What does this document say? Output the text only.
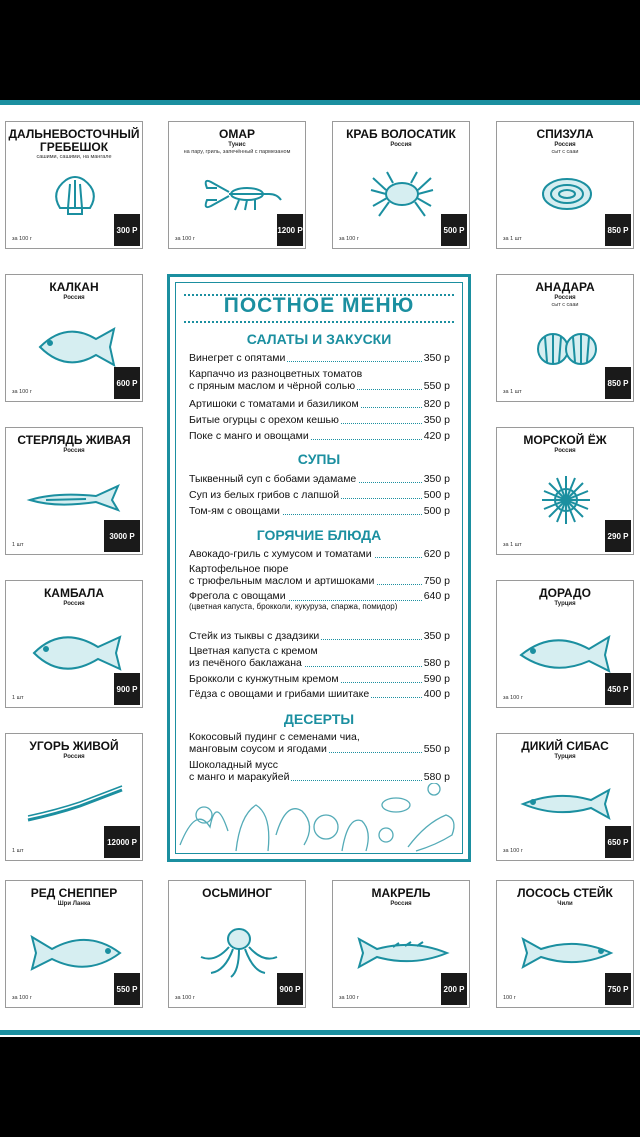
ДАЛЬНЕВОСТОЧНЫЙ ГРЕБЕШОК
сашими, сашими, на мангале
за 100 г
300 Р
ОМАР
Тунис
на пару, гриль, запечённый с пармезаном
за 100 г
1200 Р
КРАБ ВОЛОСАТИК
Россия
за 100 г
500 Р
СПИЗУЛА
Россия
сыт с сааи
за 1 шт
850 Р
КАЛКАН
Россия
за 100 г
600 Р
АНАДАРА
Россия
сыт с сааи
за 1 шт
850 Р
СТЕРЛЯДЬ ЖИВАЯ
Россия
1 шт
3000 Р
МОРСКОЙ ЁЖ
Россия
за 1 шт
290 Р
КАМБАЛА
Россия
1 шт
900 Р
ДОРАДО
Турция
за 100 г
450 Р
УГОРЬ ЖИВОЙ
Россия
1 шт
12000 Р
ДИКИЙ СИБАС
Турция
за 100 г
650 Р
РЕД СНЕППЕР
Шри Ланка
за 100 г
550 Р
ОСЬМИНОГ
за 100 г
900 Р
МАКРЕЛЬ
Россия
за 100 г
200 Р
ЛОСОСЬ СТЕЙК
Чили
100 г
750 Р
ПОСТНОЕ МЕНЮ
САЛАТЫ И ЗАКУСКИ
Винегрет с опятами	350 р
Карпаччо из разноцветных томатов
с пряным маслом и чёрной солью	550 р
Артишоки с томатами и базиликом	820 р
Битые огурцы с орехом кешью	350 р
Поке с манго и овощами	420 р
СУПЫ
Тыквенный суп с бобами эдамаме	350 р
Суп из белых грибов с лапшой	500 р
Том-ям с овощами	500 р
ГОРЯЧИЕ БЛЮДА
Авокадо-гриль с хумусом и томатами	620 р
Картофельное пюре
с трюфельным маслом и артишоками	750 р
Фрегола с овощами	640 р
(цветная капуста, брокколи, кукуруза, спаржа, помидор)
Стейк из тыквы с дзадзики	350 р
Цветная капуста с кремом
из печёного баклажана	580 р
Брокколи с кунжутным кремом	590 р
Гёдза с овощами и грибами шиитаке	400 р
ДЕСЕРТЫ
Кокосовый пудинг с семенами чиа,
манговым соусом и ягодами	550 р
Шоколадный мусс
с манго и маракуйей	580 р
